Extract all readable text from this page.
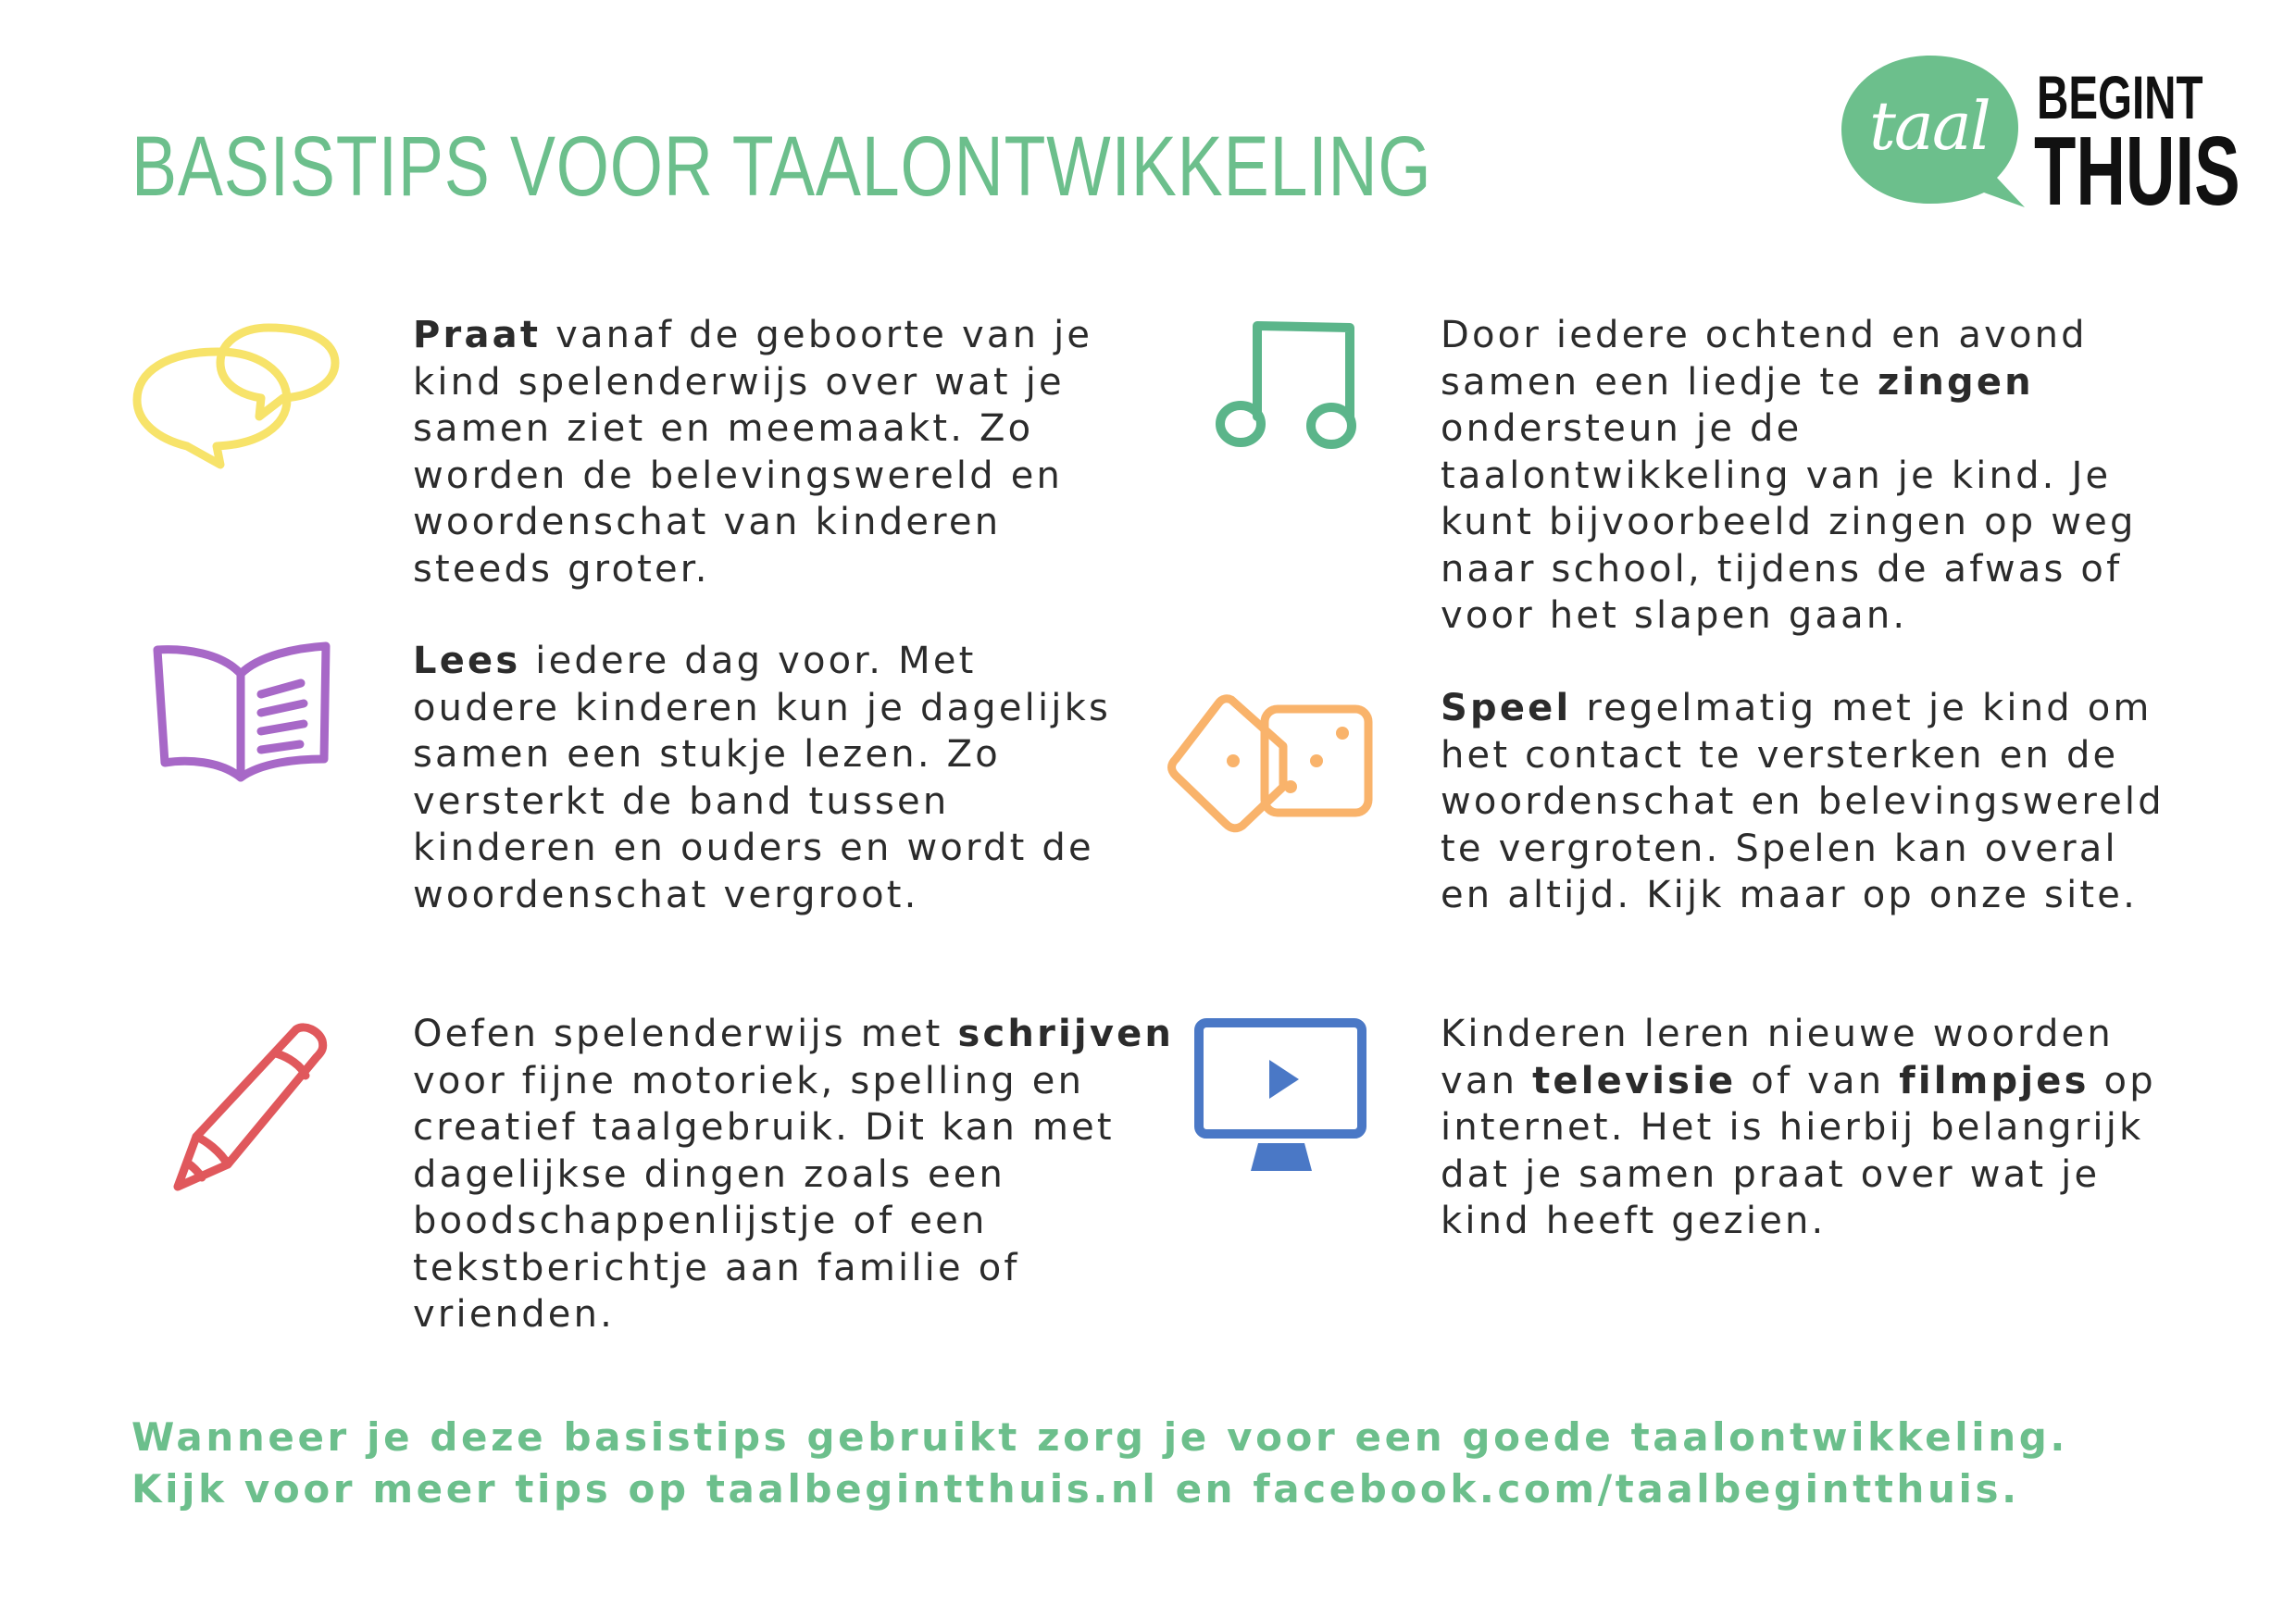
BASISTIPS VOOR TAALONTWIKKELING	taal BEGINT
THUIS
Praat vanaf de geboorte van je kind spelenderwijs over wat je samen ziet en meemaakt. Zo worden de belevingswereld en woordenschat van kinderen steeds groter.
Lees iedere dag voor. Met oudere kinderen kun je dagelijks samen een stukje lezen. Zo versterkt de band tussen kinderen en ouders en wordt de woordenschat vergroot.
Oefen spelenderwijs met schrijven voor fijne motoriek, spelling en creatief taalgebruik. Dit kan met dagelijkse dingen zoals een boodschappenlijstje of een tekstberichtje aan familie of vrienden.
Door iedere ochtend en avond samen een liedje te zingen ondersteun je de taalontwikkeling van je kind. Je kunt bijvoorbeeld zingen op weg naar school, tijdens de afwas of voor het slapen gaan.
Speel regelmatig met je kind om het contact te versterken en de woordenschat en belevingswereld te vergroten. Spelen kan overal en altijd. Kijk maar op onze site.
Kinderen leren nieuwe woorden van televisie of van filmpjes op internet. Het is hierbij belangrijk dat je samen praat over wat je kind heeft gezien.
Wanneer je deze basistips gebruikt zorg je voor een goede taalontwikkeling.
Kijk voor meer tips op taalbegintthuis.nl en facebook.com/taalbegintthuis.
